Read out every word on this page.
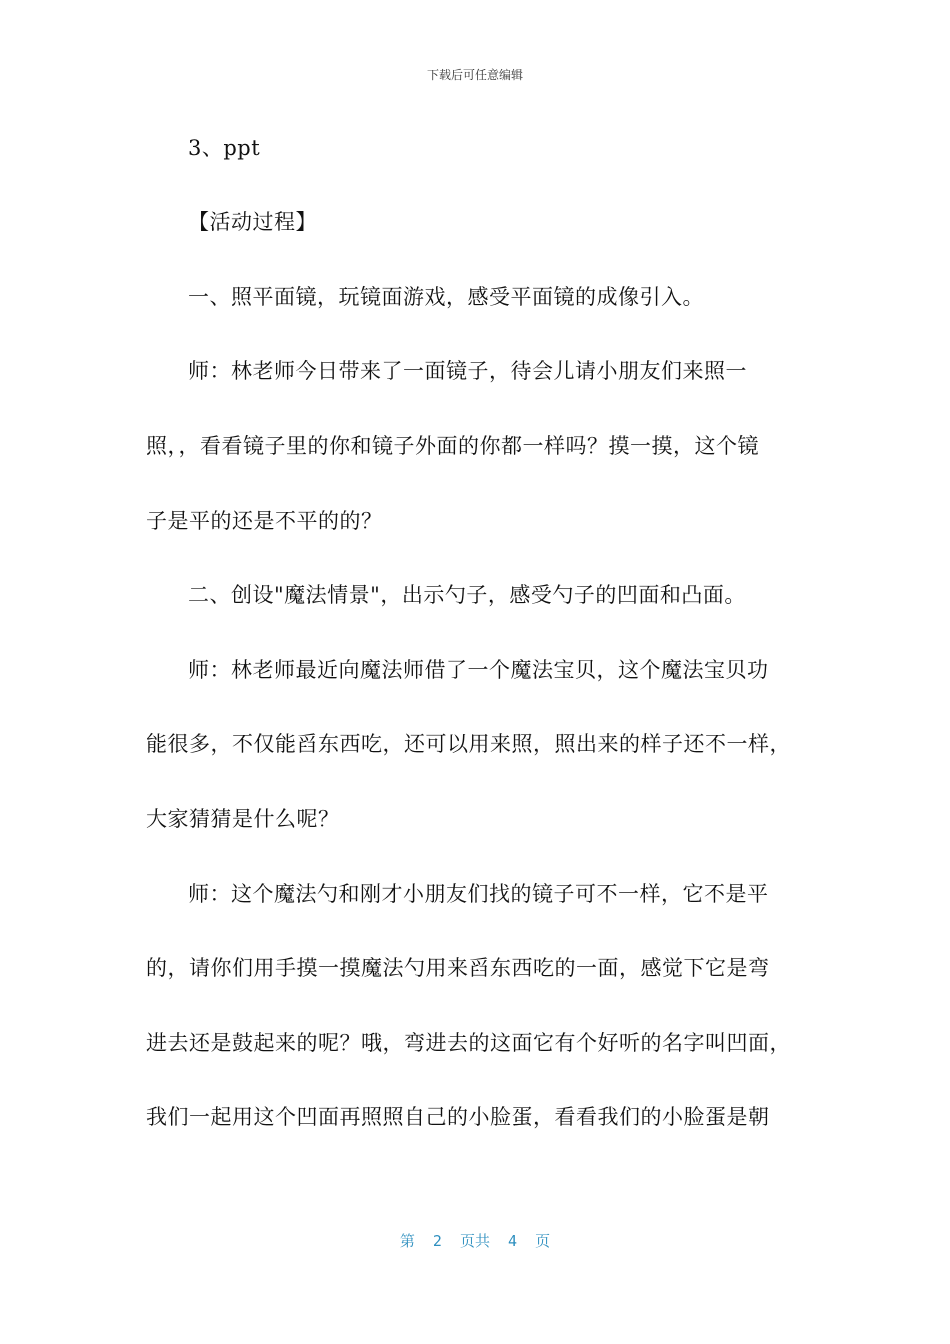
下载后可任意编辑
3、ppt
【活动过程】
一、照平面镜，玩镜面游戏，感受平面镜的成像引入。
师：林老师今日带来了一面镜子，待会儿请小朋友们来照一
照，，看看镜子里的你和镜子外面的你都一样吗？摸一摸，这个镜
子是平的还是不平的的？
二、创设"魔法情景"，出示勺子，感受勺子的凹面和凸面。
师：林老师最近向魔法师借了一个魔法宝贝，这个魔法宝贝功
能很多，不仅能舀东西吃，还可以用来照，照出来的样子还不一样，
大家猜猜是什么呢？
师：这个魔法勺和刚才小朋友们找的镜子可不一样，它不是平
的，请你们用手摸一摸魔法勺用来舀东西吃的一面，感觉下它是弯
进去还是鼓起来的呢？哦，弯进去的这面它有个好听的名字叫凹面，
我们一起用这个凹面再照照自己的小脸蛋，看看我们的小脸蛋是朝
第  2  页共  4  页
